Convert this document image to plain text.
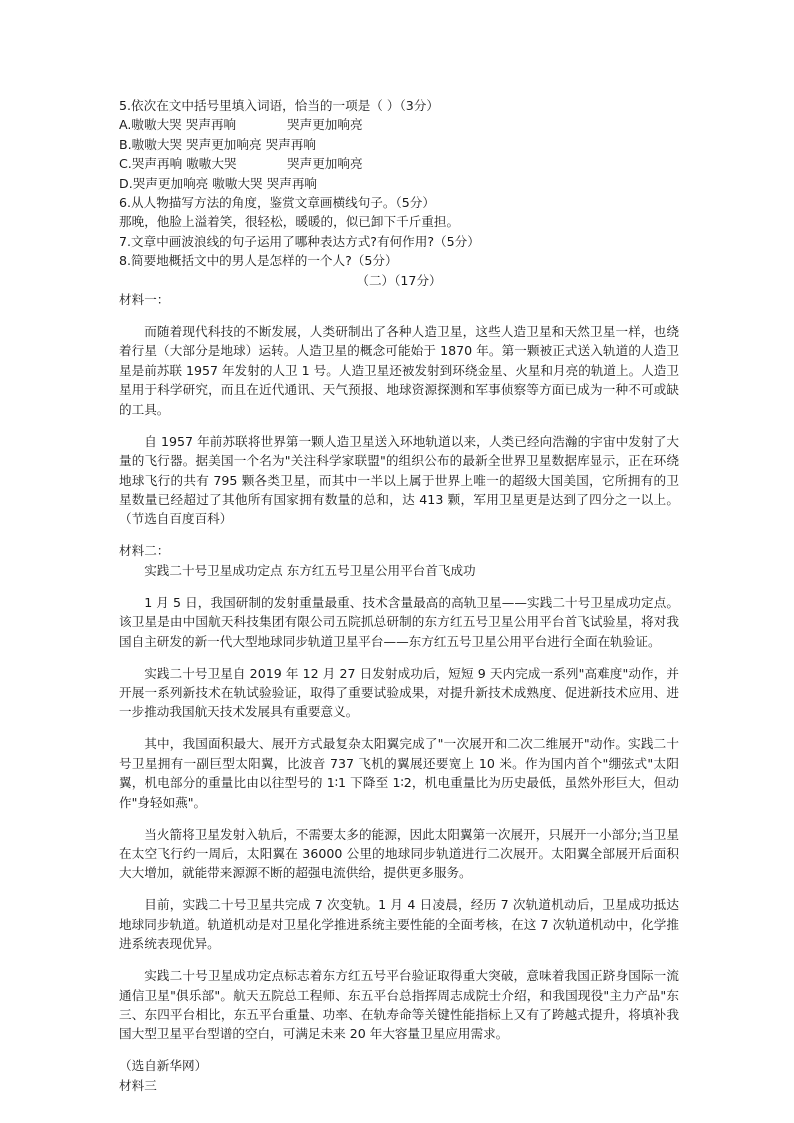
5.依次在文中括号里填入词语，恰当的一项是（ ）（3分）

A.嗷嗷大哭 哭声再响	哭声更加响亮

B.嗷嗷大哭 哭声更加响亮 哭声再响

C.哭声再响 嗷嗷大哭	哭声更加响亮

D.哭声更加响亮 嗷嗷大哭 哭声再响

6.从人物描写方法的角度，鉴赏文章画横线句子。（5分）

那晚，他脸上溢着笑，很轻松，暖暖的，似已卸下千斤重担。

7.文章中画波浪线的句子运用了哪种表达方式?有何作用?（5分）

8.简要地概括文中的男人是怎样的一个人?（5分）

（二）（17分）

材料一：

而随着现代科技的不断发展，人类研制出了各种人造卫星，这些人造卫星和天然卫星一样，也绕着行星（大部分是地球）运转。人造卫星的概念可能始于 1870 年。第一颗被正式送入轨道的人造卫星是前苏联 1957 年发射的人卫 1 号。人造卫星还被发射到环绕金星、火星和月亮的轨道上。人造卫星用于科学研究，而且在近代通讯、天气预报、地球资源探测和军事侦察等方面已成为一种不可或缺的工具。

自 1957 年前苏联将世界第一颗人造卫星送入环地轨道以来，人类已经向浩瀚的宇宙中发射了大量的飞行器。据美国一个名为"关注科学家联盟"的组织公布的最新全世界卫星数据库显示，正在环绕地球飞行的共有 795 颗各类卫星，而其中一半以上属于世界上唯一的超级大国美国，它所拥有的卫星数量已经超过了其他所有国家拥有数量的总和，达 413 颗，军用卫星更是达到了四分之一以上。（节选自百度百科）

材料二：

实践二十号卫星成功定点 东方红五号卫星公用平台首飞成功

1 月 5 日，我国研制的发射重量最重、技术含量最高的高轨卫星——实践二十号卫星成功定点。该卫星是由中国航天科技集团有限公司五院抓总研制的东方红五号卫星公用平台首飞试验星，将对我国自主研发的新一代大型地球同步轨道卫星平台——东方红五号卫星公用平台进行全面在轨验证。

实践二十号卫星自 2019 年 12 月 27 日发射成功后，短短 9 天内完成一系列"高难度"动作，并开展一系列新技术在轨试验验证，取得了重要试验成果，对提升新技术成熟度、促进新技术应用、进一步推动我国航天技术发展具有重要意义。

其中，我国面积最大、展开方式最复杂太阳翼完成了"一次展开和二次二维展开"动作。实践二十号卫星拥有一副巨型太阳翼，比波音 737 飞机的翼展还要宽上 10 米。作为国内首个"绷弦式"太阳翼，机电部分的重量比由以往型号的 1∶1 下降至 1∶2，机电重量比为历史最低，虽然外形巨大，但动作"身轻如燕"。

当火箭将卫星发射入轨后，不需要太多的能源，因此太阳翼第一次展开，只展开一小部分;当卫星在太空飞行约一周后，太阳翼在 36000 公里的地球同步轨道进行二次展开。太阳翼全部展开后面积大大增加，就能带来源源不断的超强电流供给，提供更多服务。

目前，实践二十号卫星共完成 7 次变轨。1 月 4 日凌晨，经历 7 次轨道机动后，卫星成功抵达地球同步轨道。轨道机动是对卫星化学推进系统主要性能的全面考核，在这 7 次轨道机动中，化学推进系统表现优异。

实践二十号卫星成功定点标志着东方红五号平台验证取得重大突破，意味着我国正跻身国际一流通信卫星"俱乐部"。航天五院总工程师、东五平台总指挥周志成院士介绍，和我国现役"主力产品"东三、东四平台相比，东五平台重量、功率、在轨寿命等关键性能指标上又有了跨越式提升，将填补我国大型卫星平台型谱的空白，可满足未来 20 年大容量卫星应用需求。

（选自新华网）

材料三
